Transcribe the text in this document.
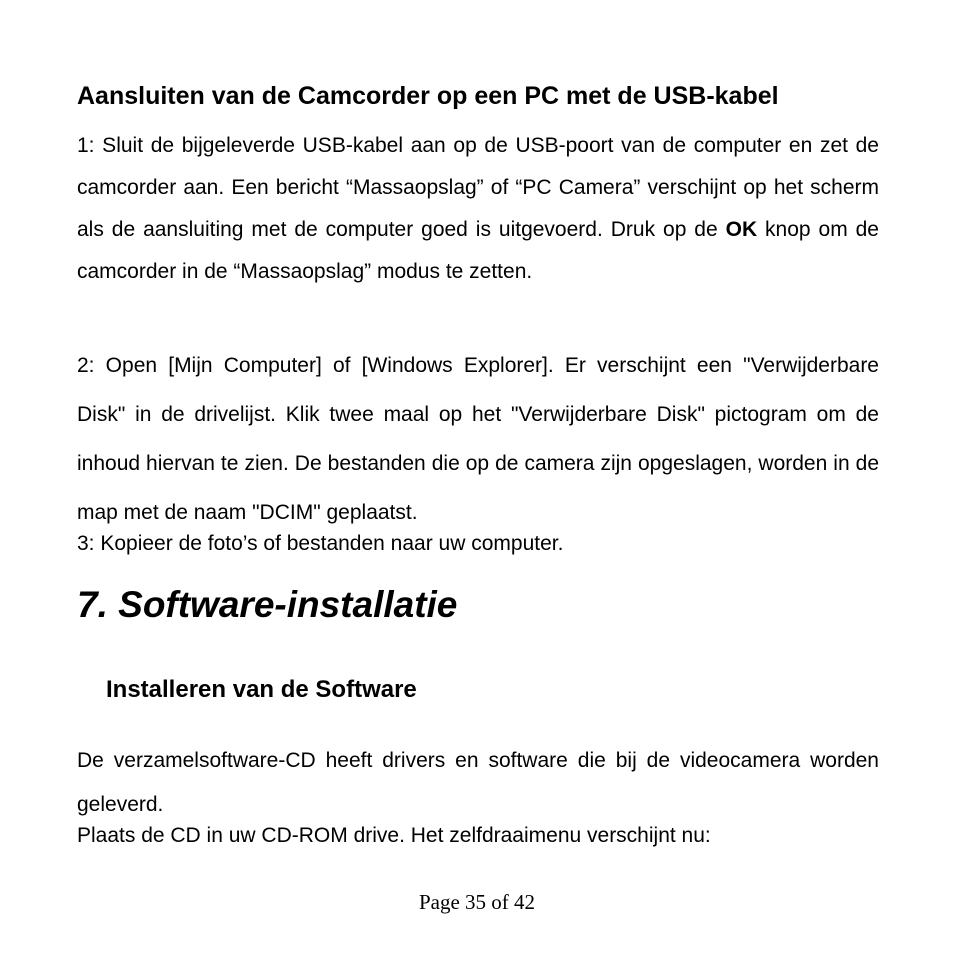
Aansluiten van de Camcorder op een PC met de USB-kabel

1: Sluit de bijgeleverde USB-kabel aan op de USB-poort van de computer en zet de camcorder aan. Een bericht “Massaopslag” of “PC Camera” verschijnt op het scherm als de aansluiting met de computer goed is uitgevoerd. Druk op de OK knop om de camcorder in de “Massaopslag” modus te zetten.

2: Open [Mijn Computer] of [Windows Explorer]. Er verschijnt een "Verwijderbare Disk" in de drivelijst. Klik twee maal op het "Verwijderbare Disk" pictogram om de inhoud hiervan te zien. De bestanden die op de camera zijn opgeslagen, worden in de map met de naam "DCIM" geplaatst.

3: Kopieer de foto’s of bestanden naar uw computer.

7. Software-installatie
Installeren van de Software

De verzamelsoftware-CD heeft drivers en software die bij de videocamera worden geleverd.

Plaats de CD in uw CD-ROM drive. Het zelfdraaimenu verschijnt nu:

Page 35 of 42
